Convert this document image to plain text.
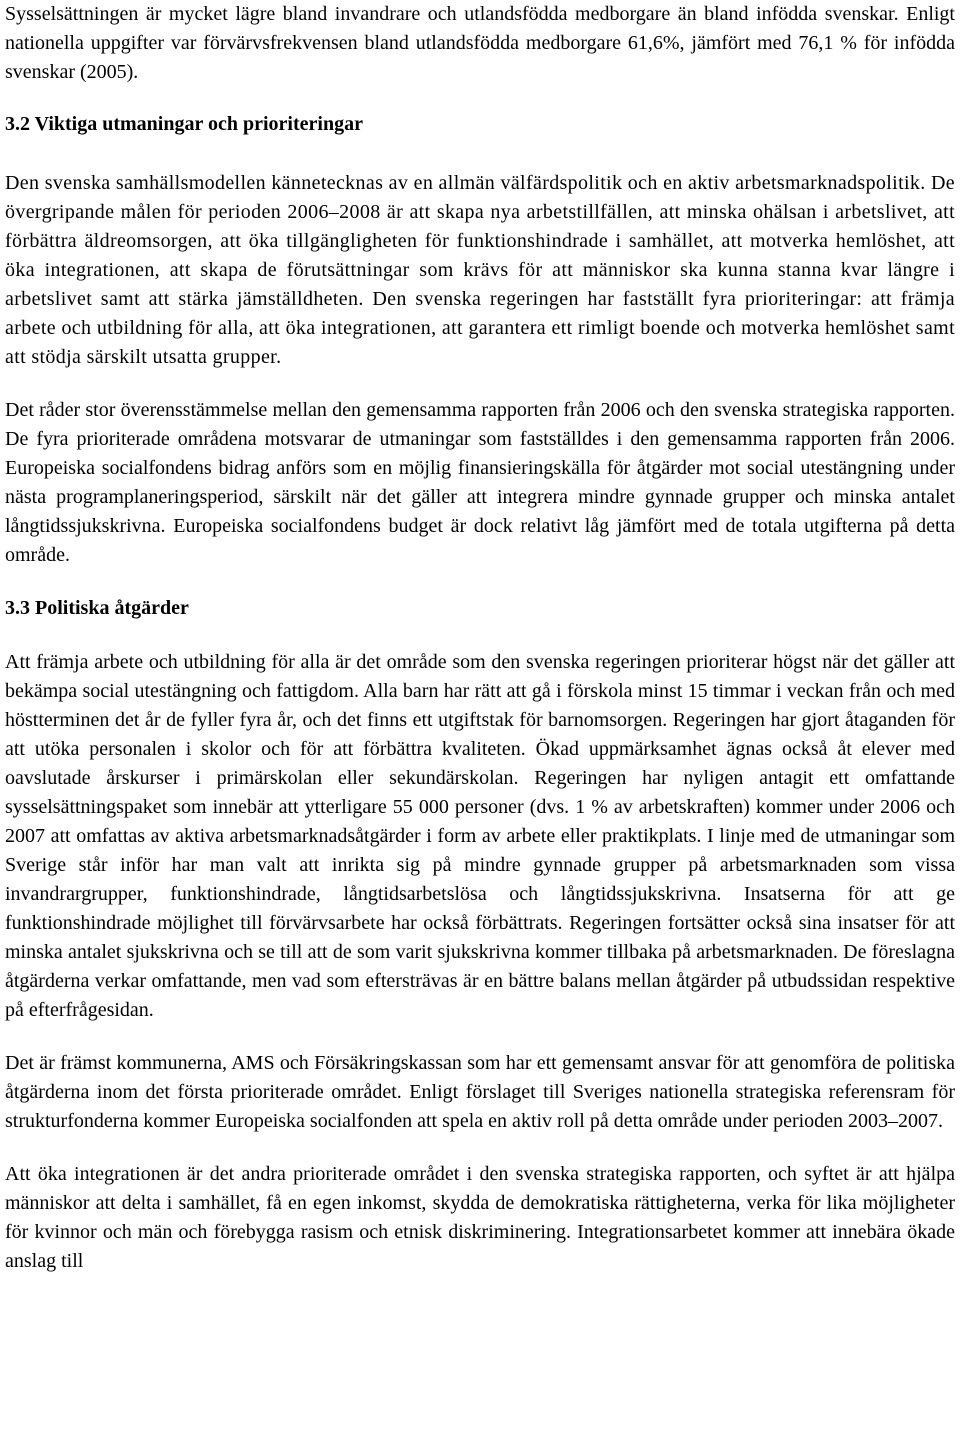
Sysselsättningen är mycket lägre bland invandrare och utlandsfödda medborgare än bland infödda svenskar. Enligt nationella uppgifter var förvärvsfrekvensen bland utlandsfödda medborgare 61,6%, jämfört med 76,1 % för infödda svenskar (2005).

3.2 Viktiga utmaningar och prioriteringar

Den svenska samhällsmodellen kännetecknas av en allmän välfärdspolitik och en aktiv arbetsmarknadspolitik. De övergripande målen för perioden 2006–2008 är att skapa nya arbetstillfällen, att minska ohälsan i arbetslivet, att förbättra äldreomsorgen, att öka tillgängligheten för funktionshindrade i samhället, att motverka hemlöshet, att öka integrationen, att skapa de förutsättningar som krävs för att människor ska kunna stanna kvar längre i arbetslivet samt att stärka jämställdheten. Den svenska regeringen har fastställt fyra prioriteringar: att främja arbete och utbildning för alla, att öka integrationen, att garantera ett rimligt boende och motverka hemlöshet samt att stödja särskilt utsatta grupper.

Det råder stor överensstämmelse mellan den gemensamma rapporten från 2006 och den svenska strategiska rapporten. De fyra prioriterade områdena motsvarar de utmaningar som fastställdes i den gemensamma rapporten från 2006. Europeiska socialfondens bidrag anförs som en möjlig finansieringskälla för åtgärder mot social utestängning under nästa programplaneringsperiod, särskilt när det gäller att integrera mindre gynnade grupper och minska antalet långtidssjukskrivna. Europeiska socialfondens budget är dock relativt låg jämfört med de totala utgifterna på detta område.

3.3 Politiska åtgärder

Att främja arbete och utbildning för alla är det område som den svenska regeringen prioriterar högst när det gäller att bekämpa social utestängning och fattigdom. Alla barn har rätt att gå i förskola minst 15 timmar i veckan från och med höstterminen det år de fyller fyra år, och det finns ett utgiftstak för barnomsorgen. Regeringen har gjort åtaganden för att utöka personalen i skolor och för att förbättra kvaliteten. Ökad uppmärksamhet ägnas också åt elever med oavslutade årskurser i primärskolan eller sekundärskolan. Regeringen har nyligen antagit ett omfattande sysselsättningspaket som innebär att ytterligare 55 000 personer (dvs. 1 % av arbetskraften) kommer under 2006 och 2007 att omfattas av aktiva arbetsmarknadsåtgärder i form av arbete eller praktikplats. I linje med de utmaningar som Sverige står inför har man valt att inrikta sig på mindre gynnade grupper på arbetsmarknaden som vissa invandrargrupper, funktionshindrade, långtidsarbetslösa och långtidssjukskrivna. Insatserna för att ge funktionshindrade möjlighet till förvärvsarbete har också förbättrats. Regeringen fortsätter också sina insatser för att minska antalet sjukskrivna och se till att de som varit sjukskrivna kommer tillbaka på arbetsmarknaden. De föreslagna åtgärderna verkar omfattande, men vad som eftersträvas är en bättre balans mellan åtgärder på utbudssidan respektive på efterfrågesidan.

Det är främst kommunerna, AMS och Försäkringskassan som har ett gemensamt ansvar för att genomföra de politiska åtgärderna inom det första prioriterade området. Enligt förslaget till Sveriges nationella strategiska referensram för strukturfonderna kommer Europeiska socialfonden att spela en aktiv roll på detta område under perioden 2003–2007.

Att öka integrationen är det andra prioriterade området i den svenska strategiska rapporten, och syftet är att hjälpa människor att delta i samhället, få en egen inkomst, skydda de demokratiska rättigheterna, verka för lika möjligheter för kvinnor och män och förebygga rasism och etnisk diskriminering. Integrationsarbetet kommer att innebära ökade anslag till
